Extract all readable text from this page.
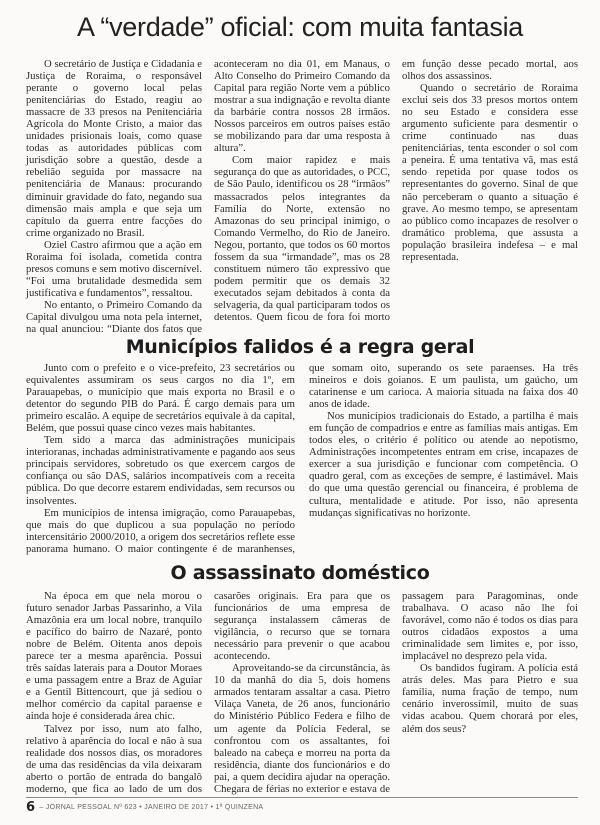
A “verdade” oficial: com muita fantasia

O secretário de Justiça e Cidadania e Justiça de Roraima, o responsável perante o governo local pelas penitenciárias do Estado, reagiu ao massacre de 33 presos na Penitenciária Agrícola do Monte Cristo, a maior das unidades prisionais loais, como quase todas as autoridades públicas com jurisdição sobre a questão, desde a rebelião seguida por massacre na penitenciária de Manaus: procurando diminuir gravidade do fato, negando sua dimensão mais ampla e que seja um capítulo da guerra entre facções do crime organizado no Brasil.

Oziel Castro afirmou que a ação em Roraima foi isolada, cometida contra presos comuns e sem motivo discernível. “Foi uma brutalidade desmedida sem justificativa e fundamentos”, ressaltou.

No entanto, o Primeiro Comando da Capital divulgou uma nota pela internet, na qual anunciou: “Diante dos fatos que aconteceram no dia 01, em Manaus, o Alto Conselho do Primeiro Comando da Capital para região Norte vem a público mostrar a sua indignação e revolta diante da barbárie contra nossos 28 irmãos. Nossos parceiros em outros países estão se mobilizando para dar uma resposta à altura”.

Com maior rapidez e mais segurança do que as autoridades, o PCC, de São Paulo, identificou os 28 “irmãos” massacrados pelos integrantes da Família do Norte, extensão no Amazonas do seu principal inimigo, o Comando Vermelho, do Rio de Janeiro. Negou, portanto, que todos os 60 mortos fossem da sua “irmandade”, mas os 28 constituem número tão expressivo que podem permitir que os demais 32 executados sejam debitados à conta da selvageria, da qual participaram todos os detentos. Quem ficou de fora foi morto em função desse pecado mortal, aos olhos dos assassinos.

Quando o secretário de Roraima exclui seis dos 33 presos mortos ontem no seu Estado e considera esse argumento suficiente para desmentir o crime continuado nas duas penitenciárias, tenta esconder o sol com a peneira. É uma tentativa vã, mas está sendo repetida por quase todos os representantes do governo. Sinal de que não perceberam o quanto a situação é grave. Ao mesmo tempo, se apresentam ao público como incapazes de resolver o dramático problema, que assusta a população brasileira indefesa – e mal representada.

Municípios falidos é a regra geral

Junto com o prefeito e o vice-prefeito, 23 secretários ou equivalentes assumiram os seus cargos no dia 1º, em Parauapebas, o município que mais exporta no Brasil e o detentor do segundo PIB do Pará. É cargo demais para um primeiro escalão. A equipe de secretários equivale à da capital, Belém, que possui quase cinco vezes mais habitantes.

Tem sido a marca das administrações municipais interioranas, inchadas administrativamente e pagando aos seus principais servidores, sobretudo os que exercem cargos de confiança ou são DAS, salários incompatíveis com a receita pública. Do que decorre estarem endividadas, sem recursos ou insolventes.

Em municípios de intensa imigração, como Parauapebas, que mais do que duplicou a sua população no período intercensitário 2000/2010, a origem dos secretários reflete esse panorama humano. O maior contingente é de maranhenses, que somam oito, superando os sete paraenses. Ha três mineiros e dois goianos. E um paulista, um gaúcho, um catarinense e um carioca. A maioria situada na faixa dos 40 anos de idade.

Nos municípios tradicionais do Estado, a partilha é mais em função de compadrios e entre as famílias mais antigas. Em todos eles, o critério é político ou atende ao nepotismo, Administrações incompetentes entram em crise, incapazes de exercer a sua jurisdição e funcionar com competência. O quadro geral, com as exceções de sempre, é lastimável. Mais do que uma questão gerencial ou financeira, é problema de cultura, mentalidade e atitude. Por isso, não apresenta mudanças significativas no horizonte.

O assassinato doméstico

Na época em que nela morou o futuro senador Jarbas Passarinho, a Vila Amazônia era um local nobre, tranquilo e pacífico do bairro de Nazaré, ponto nobre de Belém. Oitenta anos depois parece ter a mesma aparência. Possui três saídas laterais para a Doutor Moraes e uma passagem entre a Braz de Aguiar e a Gentil Bittencourt, que já sediou o melhor comércio da capital paraense e ainda hoje é considerada área chic.

Talvez por isso, num ato falho, relativo à aparência do local e não à sua realidade dos nossos dias, os moradores de uma das residências da vila deixaram aberto o portão de entrada do bangalô moderno, que fica ao lado de um dos casarões originais. Era para que os funcionários de uma empresa de segurança instalassem câmeras de vigilância, o recurso que se tornara necessário para prevenir o que acabou acontecendo.

Aproveitando-se da circunstância, às 10 da manhã do dia 5, dois homens armados tentaram assaltar a casa. Pietro Vilaça Vaneta, de 26 anos, funcionário do Ministério Público Federa e filho de um agente da Polícia Federal, se confrontou com os assaltantes, foi baleado na cabeça e morreu na porta da residência, diante dos funcionários e do pai, a quem decidira ajudar na operação. Chegara de férias no exterior e estava de passagem para Paragominas, onde trabalhava. O acaso não lhe foi favorável, como não é todos os dias para outros cidadãos expostos a uma criminalidade sem limites e, por isso, implacável no desprezo pela vida.

Os bandidos fugiram. A polícia está atrás deles. Mas para Pietro e sua família, numa fração de tempo, num cenário inverossímil, muito de suas vidas acabou. Quem chorará por eles, além dos seus?

6 – JORNAL PESSOAL Nº 623 • JANEIRO DE 2017 • 1ª QUINZENA
